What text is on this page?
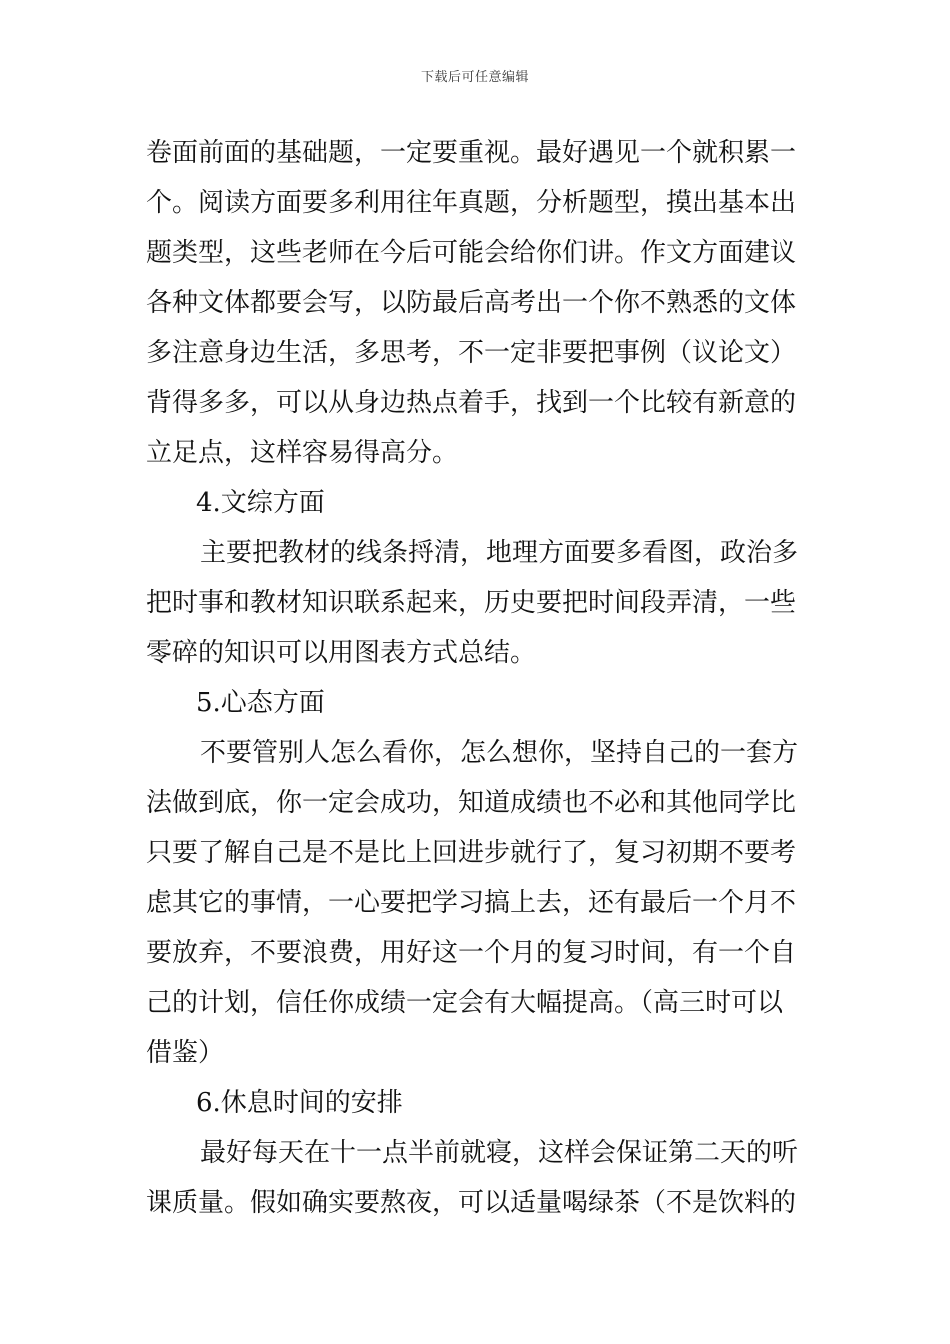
下载后可任意编辑
卷面前面的基础题，一定要重视。最好遇见一个就积累一
个。阅读方面要多利用往年真题，分析题型，摸出基本出
题类型，这些老师在今后可能会给你们讲。作文方面建议
各种文体都要会写，以防最后高考出一个你不熟悉的文体
多注意身边生活，多思考，不一定非要把事例（议论文）
背得多多，可以从身边热点着手，找到一个比较有新意的
立足点，这样容易得高分。
4.文综方面
主要把教材的线条捋清，地理方面要多看图，政治多
把时事和教材知识联系起来，历史要把时间段弄清，一些
零碎的知识可以用图表方式总结。
5.心态方面
不要管别人怎么看你，怎么想你，坚持自己的一套方
法做到底，你一定会成功，知道成绩也不必和其他同学比
只要了解自己是不是比上回进步就行了，复习初期不要考
虑其它的事情，一心要把学习搞上去，还有最后一个月不
要放弃，不要浪费，用好这一个月的复习时间，有一个自
己的计划，信任你成绩一定会有大幅提高。（高三时可以
借鉴）
6.休息时间的安排
最好每天在十一点半前就寝，这样会保证第二天的听
课质量。假如确实要熬夜，可以适量喝绿茶（不是饮料的
